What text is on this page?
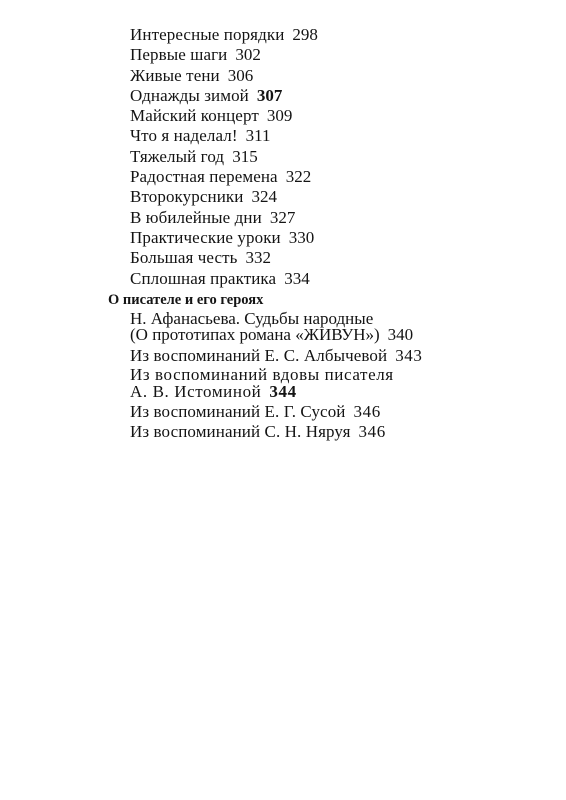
Интересные порядки 298
Первые шаги 302
Живые тени 306
Однажды зимой 307
Майский концерт 309
Что я наделал! 311
Тяжелый год 315
Радостная перемена 322
Второкурсники 324
В юбилейные дни 327
Практические уроки 330
Большая честь 332
Сплошная практика 334
О писателе и его героях
Н. Афанасьева. Судьбы народные
(О прототипах романа «ЖИВУН») 340
Из воспоминаний Е. С. Албычевой 343
Из воспоминаний вдовы писателя
А. В. Истоминой 344
Из воспоминаний Е. Г. Сусой 346
Из воспоминаний С. Н. Няруя 346
